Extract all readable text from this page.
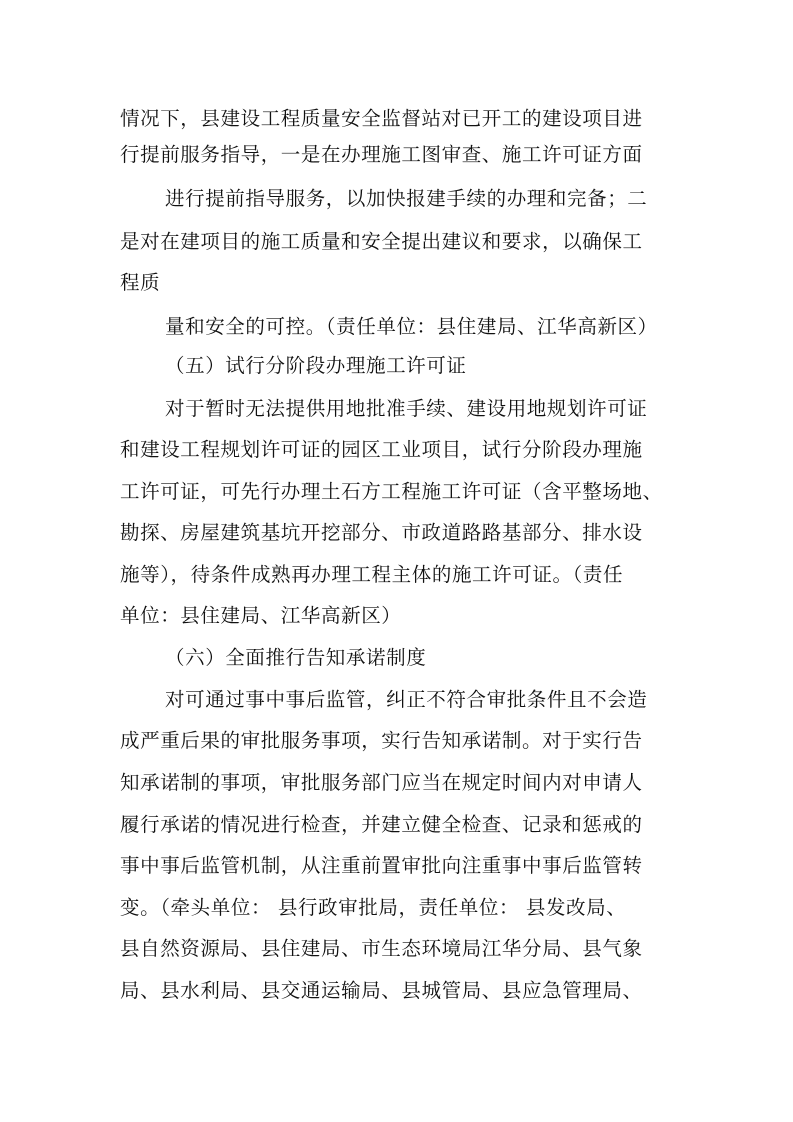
情况下，县建设工程质量安全监督站对已开工的建设项目进
行提前服务指导，一是在办理施工图审查、施工许可证方面
进行提前指导服务，以加快报建手续的办理和完备；二
是对在建项目的施工质量和安全提出建议和要求，以确保工
程质
量和安全的可控。（责任单位：县住建局、江华高新区）
（五）试行分阶段办理施工许可证
对于暂时无法提供用地批准手续、建设用地规划许可证
和建设工程规划许可证的园区工业项目，试行分阶段办理施
工许可证，可先行办理土石方工程施工许可证（含平整场地、
勘探、房屋建筑基坑开挖部分、市政道路路基部分、排水设
施等），待条件成熟再办理工程主体的施工许可证。（责任
单位：县住建局、江华高新区）
（六）全面推行告知承诺制度
对可通过事中事后监管，纠正不符合审批条件且不会造
成严重后果的审批服务事项，实行告知承诺制。对于实行告
知承诺制的事项，审批服务部门应当在规定时间内对申请人
履行承诺的情况进行检查，并建立健全检查、记录和惩戒的
事中事后监管机制，从注重前置审批向注重事中事后监管转
变。（牵头单位： 县行政审批局，责任单位： 县发改局、
县自然资源局、县住建局、市生态环境局江华分局、县气象
局、县水利局、县交通运输局、县城管局、县应急管理局、
